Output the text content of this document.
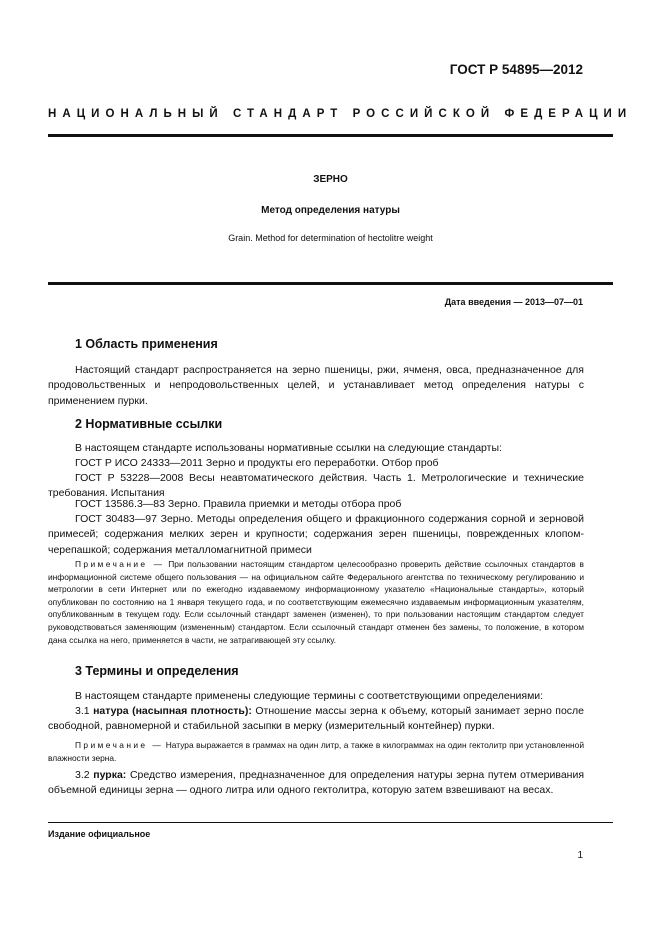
ГОСТ Р 54895—2012
НАЦИОНАЛЬНЫЙ СТАНДАРТ РОССИЙСКОЙ ФЕДЕРАЦИИ
ЗЕРНО
Метод определения натуры
Grain. Method for determination of hectolitre weight
Дата введения — 2013—07—01
1 Область применения
Настоящий стандарт распространяется на зерно пшеницы, ржи, ячменя, овса, предназначенное для продовольственных и непродовольственных целей, и устанавливает метод определения натуры с применением пурки.
2 Нормативные ссылки
В настоящем стандарте использованы нормативные ссылки на следующие стандарты:
ГОСТ Р ИСО 24333—2011 Зерно и продукты его переработки. Отбор проб
ГОСТ Р 53228—2008 Весы неавтоматического действия. Часть 1. Метрологические и технические требования. Испытания
ГОСТ 13586.3—83 Зерно. Правила приемки и методы отбора проб
ГОСТ 30483—97 Зерно. Методы определения общего и фракционного содержания сорной и зерновой примесей; содержания мелких зерен и крупности; содержания зерен пшеницы, поврежденных клопом-черепашкой; содержания металломагнитной примеси
Примечание — При пользовании настоящим стандартом целесообразно проверить действие ссылочных стандартов в информационной системе общего пользования — на официальном сайте Федерального агентства по техническому регулированию и метрологии в сети Интернет или по ежегодно издаваемому информационному указателю «Национальные стандарты», который опубликован по состоянию на 1 января текущего года, и по соответствующим ежемесячно издаваемым информационным указателям, опубликованным в текущем году. Если ссылочный стандарт заменен (изменен), то при пользовании настоящим стандартом следует руководствоваться заменяющим (измененным) стандартом. Если ссылочный стандарт отменен без замены, то положение, в котором дана ссылка на него, применяется в части, не затрагивающей эту ссылку.
3 Термины и определения
В настоящем стандарте применены следующие термины с соответствующими определениями:
3.1 натура (насыпная плотность): Отношение массы зерна к объему, который занимает зерно после свободной, равномерной и стабильной засыпки в мерку (измерительный контейнер) пурки.
Примечание — Натура выражается в граммах на один литр, а также в килограммах на один гектолитр при установленной влажности зерна.
3.2 пурка: Средство измерения, предназначенное для определения натуры зерна путем отмеривания объемной единицы зерна — одного литра или одного гектолитра, которую затем взвешивают на весах.
Издание официальное
1
